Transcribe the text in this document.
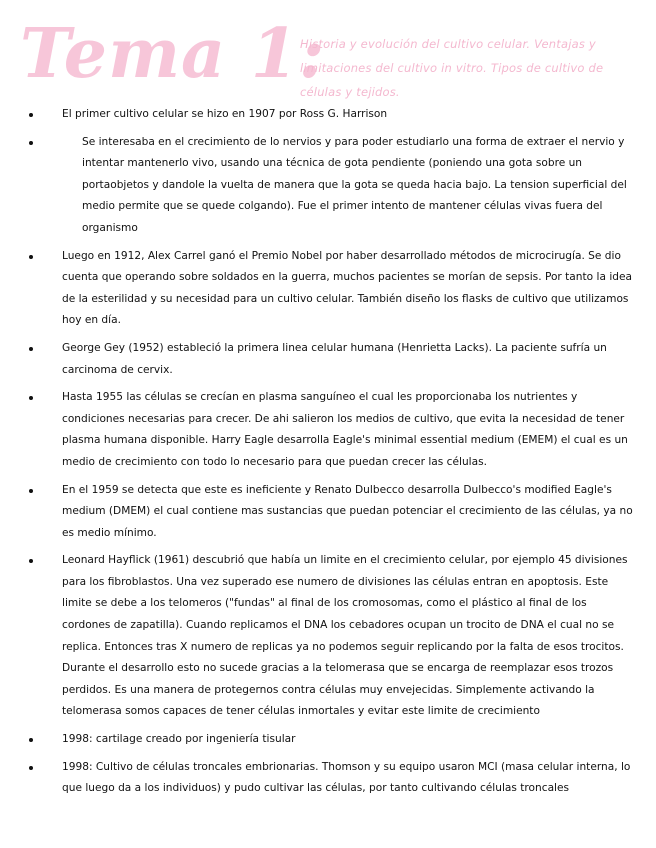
Tema 1:
Historia y evolución del cultivo celular. Ventajas y limitaciones del cultivo in vitro. Tipos de cultivo de células y tejidos.
El primer cultivo celular se hizo en 1907 por Ross G. Harrison
Se interesaba en el crecimiento de lo nervios y para poder estudiarlo una forma de extraer el nervio y intentar mantenerlo vivo, usando una técnica de gota pendiente (poniendo una gota sobre un portaobjetos y dandole la vuelta de manera que la gota se queda hacia bajo. La tension superficial del medio permite que se quede colgando). Fue el primer intento de mantener células vivas fuera del organismo
Luego en 1912, Alex Carrel ganó el Premio Nobel por haber desarrollado métodos de microcirugía. Se dio cuenta que operando sobre soldados en la guerra, muchos pacientes se morían de sepsis. Por tanto la idea de la esterilidad y su necesidad para un cultivo celular. También diseño los flasks de cultivo que utilizamos hoy en día.
George Gey (1952) estableció la primera linea celular humana (Henrietta Lacks). La paciente sufría un carcinoma de cervix.
Hasta 1955 las células se crecían en plasma sanguíneo el cual les proporcionaba los nutrientes y condiciones necesarias para crecer. De ahi salieron los medios de cultivo, que evita la necesidad de tener plasma humana disponible. Harry Eagle desarrolla Eagle's minimal essential medium (EMEM) el cual es un medio de crecimiento con todo lo necesario para que puedan crecer las células.
En el 1959 se detecta que este es ineficiente y Renato Dulbecco desarrolla Dulbecco's modified Eagle's medium (DMEM) el cual contiene mas sustancias que puedan potenciar el crecimiento de las células, ya no es medio mínimo.
Leonard Hayflick (1961) descubrió que había un limite en el crecimiento celular, por ejemplo 45 divisiones para los fibroblastos. Una vez superado ese numero de divisiones las células entran en apoptosis. Este limite se debe a los telomeros ("fundas" al final de los cromosomas, como el plástico al final de los cordones de zapatilla). Cuando replicamos el DNA los cebadores ocupan un trocito de DNA el cual no se replica. Entonces tras X numero de replicas ya no podemos seguir replicando por la falta de esos trocitos. Durante el desarrollo esto no sucede gracias a la telomerasa que se encarga de reemplazar esos trozos perdidos. Es una manera de protegernos contra células muy envejecidas. Simplemente activando la telomerasa somos capaces de tener células inmortales y evitar este limite de crecimiento
1998: cartilage creado por ingeniería tisular
1998: Cultivo de células troncales embrionarias. Thomson y su equipo usaron MCI (masa celular interna, lo que luego da a los individuos) y pudo cultivar las células, por tanto cultivando células troncales
